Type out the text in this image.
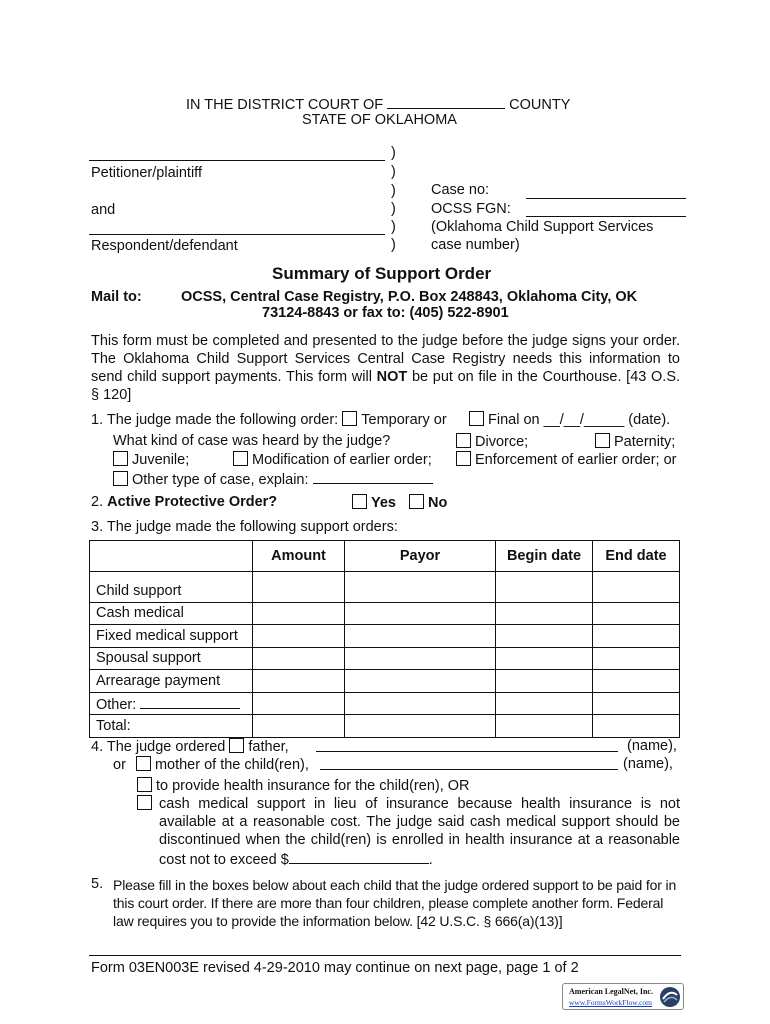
IN THE DISTRICT COURT OF	COUNTY
STATE OF OKLAHOMA
Petitioner/plaintiff
and
Respondent/defendant
)
)
)
)
)
)
Case no:
OCSS FGN:
(Oklahoma Child Support Services
case number)
Summary of Support Order
Mail to:	OCSS, Central Case Registry, P.O. Box 248843, Oklahoma City, OK
73124-8843 or fax to: (405) 522-8901
This form must be completed and presented to the judge before the judge signs your order. The Oklahoma Child Support Services Central Case Registry needs this information to send child support payments. This form will NOT be put on file in the Courthouse. [43 O.S. § 120]
1. The judge made the following order: Temporary or	Final on __/__/_____ (date).
What kind of case was heard by the judge?	Divorce;	Paternity;
Juvenile;	Modification of earlier order;	Enforcement of earlier order; or
Other type of case, explain:
2. Active Protective Order?	Yes	No
3. The judge made the following support orders:
	Amount	Payor	Begin date	End date
Child support				
Cash medical				
Fixed medical support				
Spousal support				
Arrearage payment				
Other:				
Total:				
4. The judge ordered father,	(name),
or mother of the child(ren),	(name),
to provide health insurance for the child(ren), OR
cash medical support in lieu of insurance because health insurance is not available at a reasonable cost. The judge said cash medical support should be discontinued when the child(ren) is enrolled in health insurance at a reasonable cost not to exceed $	.
5. Please fill in the boxes below about each child that the judge ordered support to be paid for in this court order. If there are more than four children, please complete another form. Federal law requires you to provide the information below. [42 U.S.C. § 666(a)(13)]
Form 03EN003E revised 4-29-2010 may continue on next page, page 1 of 2
American LegalNet, Inc.
www.FormsWorkFlow.com
